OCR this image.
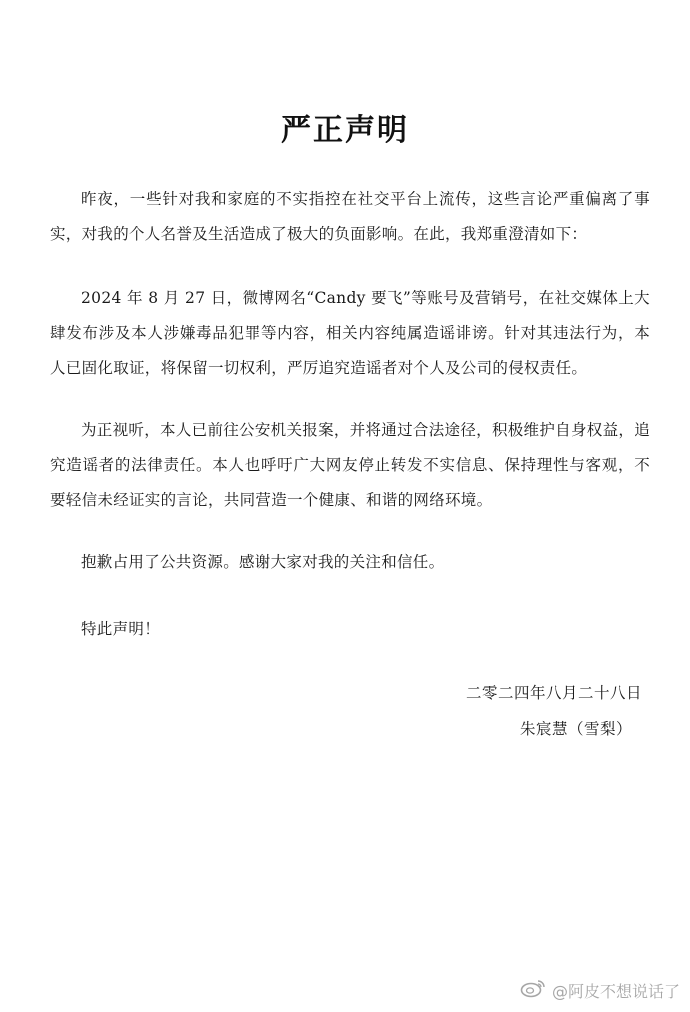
严正声明
昨夜，一些针对我和家庭的不实指控在社交平台上流传，这些言论严重偏离了事实，对我的个人名誉及生活造成了极大的负面影响。在此，我郑重澄清如下：
2024 年 8 月 27 日，微博网名“Candy 要飞”等账号及营销号，在社交媒体上大肆发布涉及本人涉嫌毒品犯罪等内容，相关内容纯属造谣诽谤。针对其违法行为，本人已固化取证，将保留一切权利，严厉追究造谣者对个人及公司的侵权责任。
为正视听，本人已前往公安机关报案，并将通过合法途径，积极维护自身权益，追究造谣者的法律责任。本人也呼吁广大网友停止转发不实信息、保持理性与客观，不要轻信未经证实的言论，共同营造一个健康、和谐的网络环境。
抱歉占用了公共资源。感谢大家对我的关注和信任。
特此声明！
二零二四年八月二十八日
朱宸慧（雪梨）
@阿皮不想说话了
